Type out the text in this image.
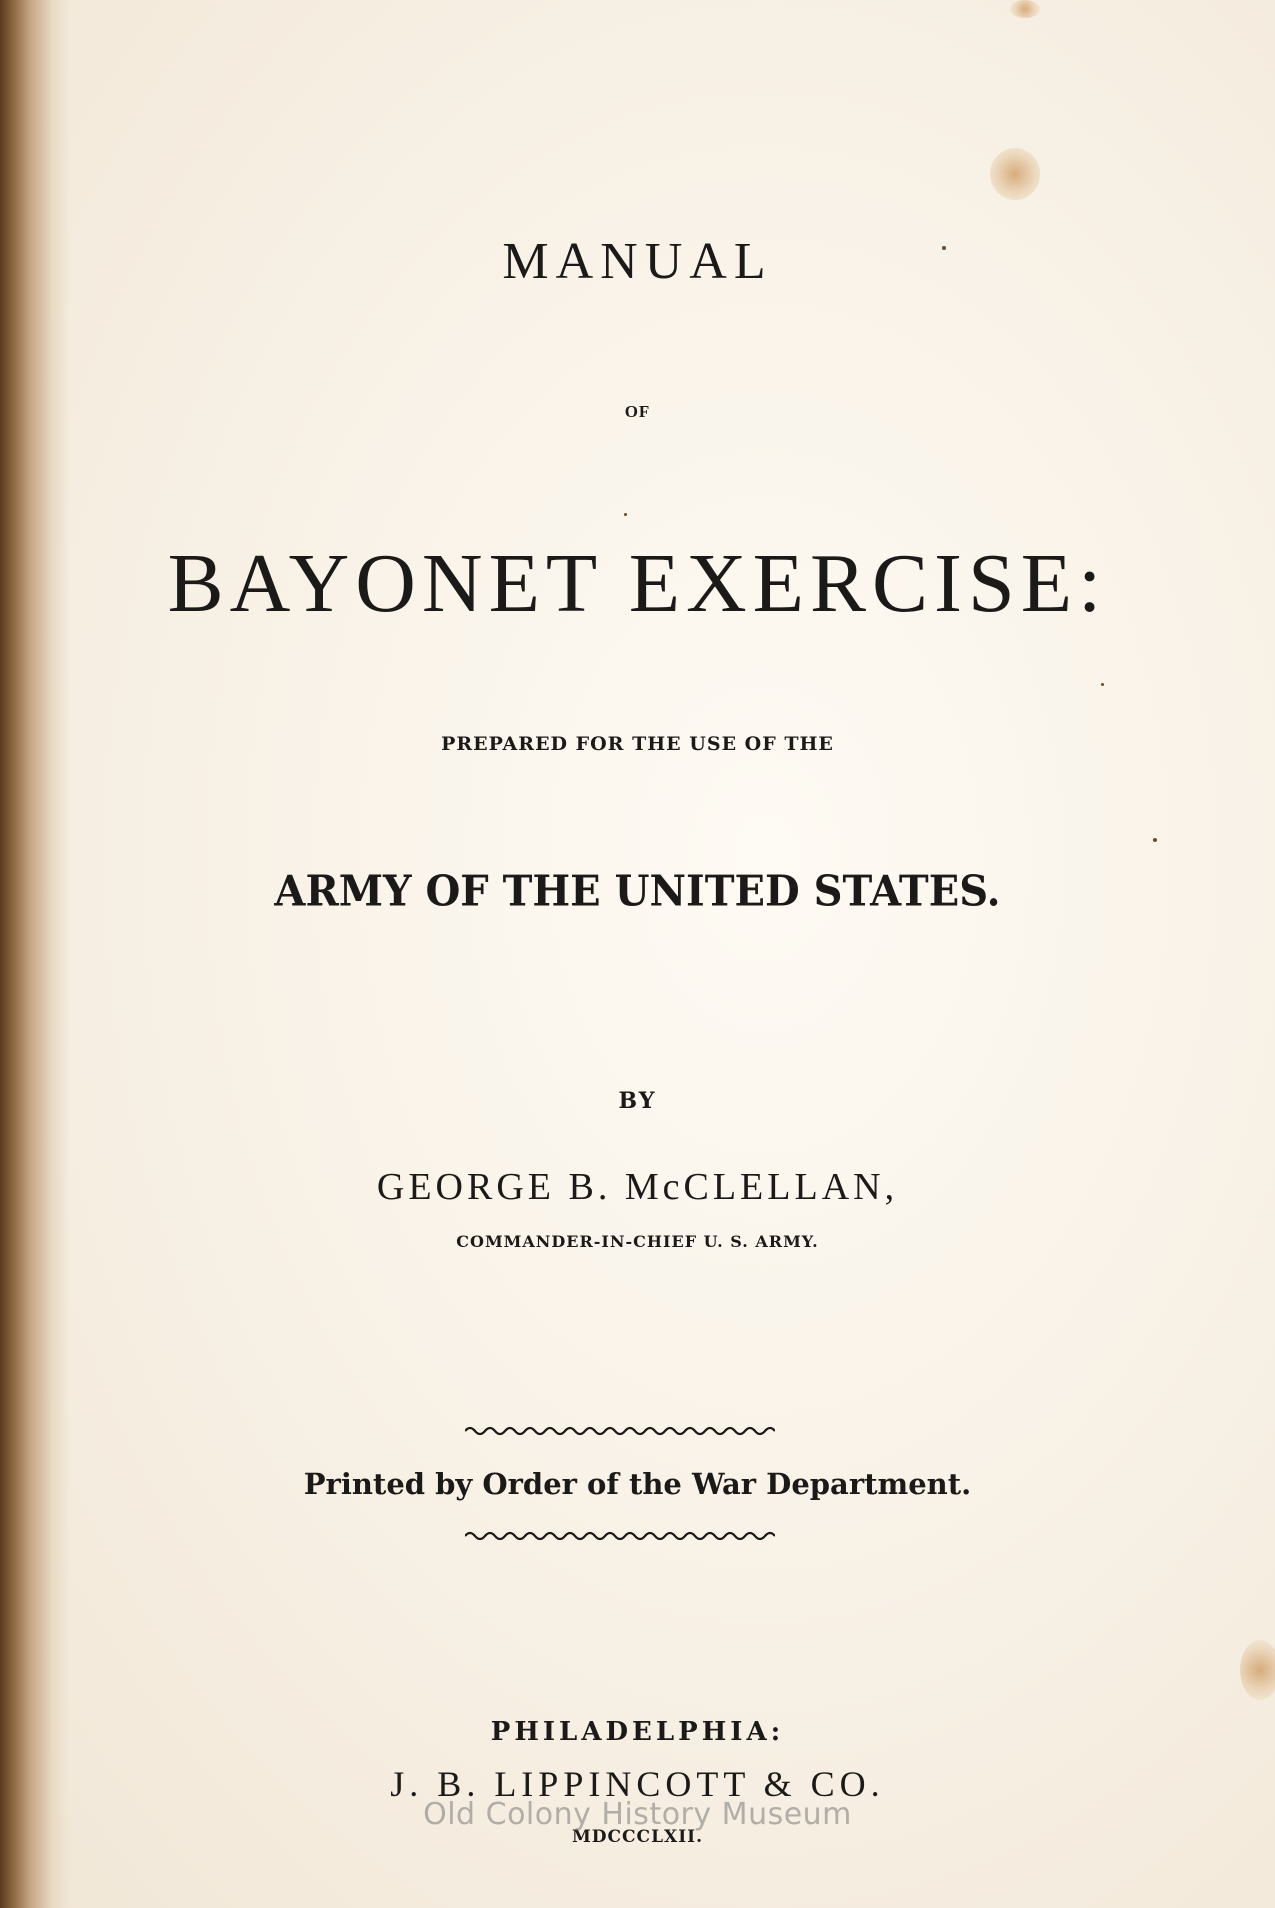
MANUAL
OF
BAYONET EXERCISE:
PREPARED FOR THE USE OF THE
ARMY OF THE UNITED STATES.
BY
GEORGE B. McCLELLAN,
COMMANDER-IN-CHIEF U. S. ARMY.
Printed by Order of the War Department.
PHILADELPHIA:
J. B. LIPPINCOTT & CO.
MDCCCLXII.
Old Colony History Museum
